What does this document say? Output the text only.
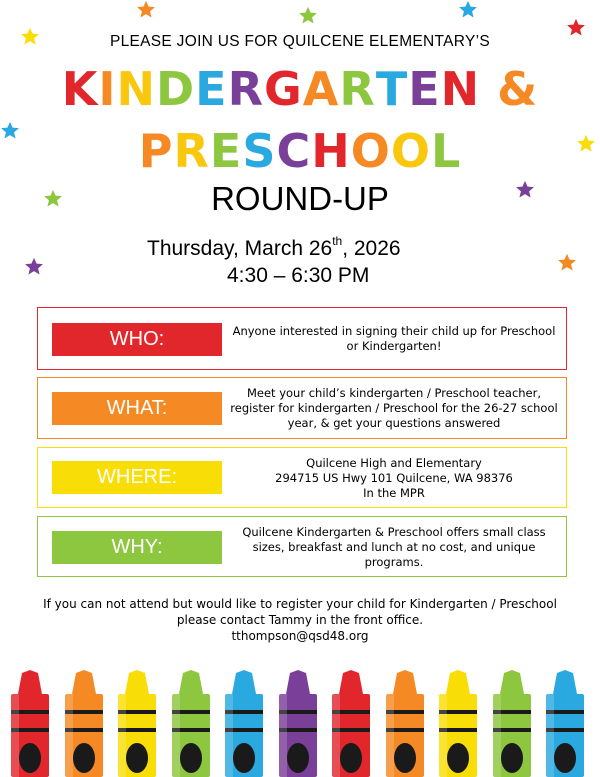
PLEASE JOIN US FOR QUILCENE ELEMENTARY’S
KINDERGARTEN &
PRESCHOOL
ROUND-UP
Thursday, March 26th, 2026
4:30 – 6:30 PM
WHO:	Anyone interested in signing their child up for Preschool or Kindergarten!
WHAT:
Meet your child’s kindergarten / Preschool teacher, register for kindergarten / Preschool for the 26-27 school year, & get your questions answered
WHERE:
Quilcene High and Elementary
294715 US Hwy 101 Quilcene, WA 98376
In the MPR
WHY:
Quilcene Kindergarten & Preschool offers small class sizes, breakfast and lunch at no cost, and unique programs.
If you can not attend but would like to register your child for Kindergarten / Preschool please contact Tammy in the front office.
tthompson@qsd48.org
